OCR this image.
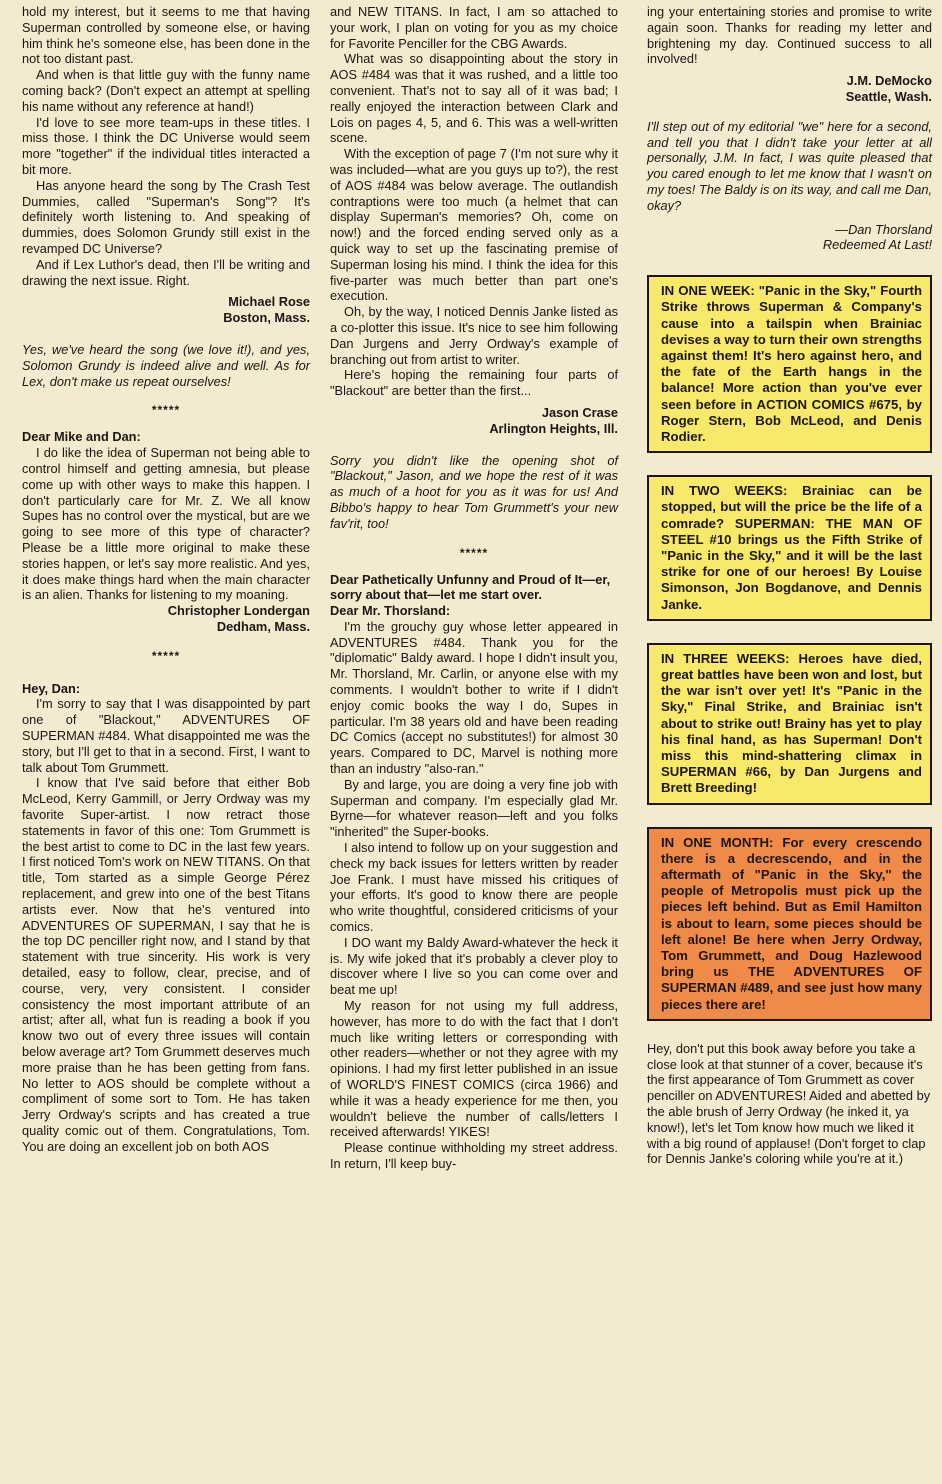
hold my interest, but it seems to me that having Superman controlled by someone else, or having him think he's someone else, has been done in the not too distant past.

And when is that little guy with the funny name coming back? (Don't expect an attempt at spelling his name without any reference at hand!)

I'd love to see more team-ups in these titles. I miss those. I think the DC Universe would seem more "together" if the individual titles interacted a bit more.

Has anyone heard the song by The Crash Test Dummies, called "Superman's Song"? It's definitely worth listening to. And speaking of dummies, does Solomon Grundy still exist in the revamped DC Universe?

And if Lex Luthor's dead, then I'll be writing and drawing the next issue. Right.

Michael Rose

Boston, Mass.

Yes, we've heard the song (we love it!), and yes, Solomon Grundy is indeed alive and well. As for Lex, don't make us repeat ourselves!

*****

Dear Mike and Dan:

I do like the idea of Superman not being able to control himself and getting amnesia, but please come up with other ways to make this happen. I don't particularly care for Mr. Z. We all know Supes has no control over the mystical, but are we going to see more of this type of character? Please be a little more original to make these stories happen, or let's say more realistic. And yes, it does make things hard when the main character is an alien. Thanks for listening to my moaning.

Christopher Londergan

Dedham, Mass.

*****

Hey, Dan:

I'm sorry to say that I was disappointed by part one of "Blackout," ADVENTURES OF SUPERMAN #484. What disappointed me was the story, but I'll get to that in a second. First, I want to talk about Tom Grummett.

I know that I've said before that either Bob McLeod, Kerry Gammill, or Jerry Ordway was my favorite Super-artist. I now retract those statements in favor of this one: Tom Grummett is the best artist to come to DC in the last few years. I first noticed Tom's work on NEW TITANS. On that title, Tom started as a simple George Pérez replacement, and grew into one of the best Titans artists ever. Now that he's ventured into ADVENTURES OF SUPERMAN, I say that he is the top DC penciller right now, and I stand by that statement with true sincerity. His work is very detailed, easy to follow, clear, precise, and of course, very, very consistent. I consider consistency the most important attribute of an artist; after all, what fun is reading a book if you know two out of every three issues will contain below average art? Tom Grummett deserves much more praise than he has been getting from fans. No letter to AOS should be complete without a compliment of some sort to Tom. He has taken Jerry Ordway's scripts and has created a true quality comic out of them. Congratulations, Tom. You are doing an excellent job on both AOS

and NEW TITANS. In fact, I am so attached to your work, I plan on voting for you as my choice for Favorite Penciller for the CBG Awards.

What was so disappointing about the story in AOS #484 was that it was rushed, and a little too convenient. That's not to say all of it was bad; I really enjoyed the interaction between Clark and Lois on pages 4, 5, and 6. This was a well-written scene.

With the exception of page 7 (I'm not sure why it was included—what are you guys up to?), the rest of AOS #484 was below average. The outlandish contraptions were too much (a helmet that can display Superman's memories? Oh, come on now!) and the forced ending served only as a quick way to set up the fascinating premise of Superman losing his mind. I think the idea for this five-parter was much better than part one's execution.

Oh, by the way, I noticed Dennis Janke listed as a co-plotter this issue. It's nice to see him following Dan Jurgens and Jerry Ordway's example of branching out from artist to writer.

Here's hoping the remaining four parts of "Blackout" are better than the first...

Jason Crase

Arlington Heights, Ill.

Sorry you didn't like the opening shot of "Blackout," Jason, and we hope the rest of it was as much of a hoot for you as it was for us! And Bibbo's happy to hear Tom Grummett's your new fav'rit, too!

*****

Dear Pathetically Unfunny and Proud of It—er, sorry about that—let me start over.

Dear Mr. Thorsland:

I'm the grouchy guy whose letter appeared in ADVENTURES #484. Thank you for the "diplomatic" Baldy award. I hope I didn't insult you, Mr. Thorsland, Mr. Carlin, or anyone else with my comments. I wouldn't bother to write if I didn't enjoy comic books the way I do, Supes in particular. I'm 38 years old and have been reading DC Comics (accept no substitutes!) for almost 30 years. Compared to DC, Marvel is nothing more than an industry "also-ran."

By and large, you are doing a very fine job with Superman and company. I'm especially glad Mr. Byrne—for whatever reason—left and you folks "inherited" the Super-books.

I also intend to follow up on your suggestion and check my back issues for letters written by reader Joe Frank. I must have missed his critiques of your efforts. It's good to know there are people who write thoughtful, considered criticisms of your comics.

I DO want my Baldy Award-whatever the heck it is. My wife joked that it's probably a clever ploy to discover where I live so you can come over and beat me up!

My reason for not using my full address, however, has more to do with the fact that I don't much like writing letters or corresponding with other readers—whether or not they agree with my opinions. I had my first letter published in an issue of WORLD'S FINEST COMICS (circa 1966) and while it was a heady experience for me then, you wouldn't believe the number of calls/letters I received afterwards! YIKES!

Please continue withholding my street address. In return, I'll keep buy-

ing your entertaining stories and promise to write again soon. Thanks for reading my letter and brightening my day. Continued success to all involved!

J.M. DeMocko

Seattle, Wash.

I'll step out of my editorial "we" here for a second, and tell you that I didn't take your letter at all personally, J.M. In fact, I was quite pleased that you cared enough to let me know that I wasn't on my toes! The Baldy is on its way, and call me Dan, okay?

—Dan Thorsland

Redeemed At Last!

IN ONE WEEK: "Panic in the Sky," Fourth Strike throws Superman & Company's cause into a tailspin when Brainiac devises a way to turn their own strengths against them! It's hero against hero, and the fate of the Earth hangs in the balance! More action than you've ever seen before in ACTION COMICS #675, by Roger Stern, Bob McLeod, and Denis Rodier.
IN TWO WEEKS: Brainiac can be stopped, but will the price be the life of a comrade? SUPERMAN: THE MAN OF STEEL #10 brings us the Fifth Strike of "Panic in the Sky," and it will be the last strike for one of our heroes! By Louise Simonson, Jon Bogdanove, and Dennis Janke.
IN THREE WEEKS: Heroes have died, great battles have been won and lost, but the war isn't over yet! It's "Panic in the Sky," Final Strike, and Brainiac isn't about to strike out! Brainy has yet to play his final hand, as has Superman! Don't miss this mind-shattering climax in SUPERMAN #66, by Dan Jurgens and Brett Breeding!
IN ONE MONTH: For every crescendo there is a decrescendo, and in the aftermath of "Panic in the Sky," the people of Metropolis must pick up the pieces left behind. But as Emil Hamilton is about to learn, some pieces should be left alone! Be here when Jerry Ordway, Tom Grummett, and Doug Hazlewood bring us THE ADVENTURES OF SUPERMAN #489, and see just how many pieces there are!

Hey, don't put this book away before you take a close look at that stunner of a cover, because it's the first appearance of Tom Grummett as cover penciller on ADVENTURES! Aided and abetted by the able brush of Jerry Ordway (he inked it, ya know!), let's let Tom know how much we liked it with a big round of applause! (Don't forget to clap for Dennis Janke's coloring while you're at it.)
